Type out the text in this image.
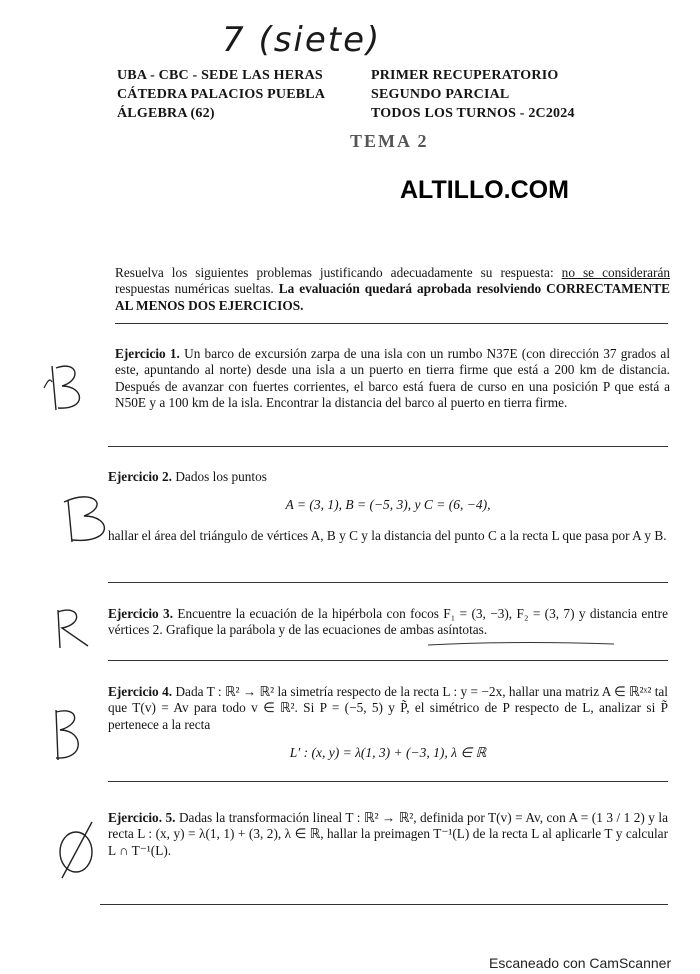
7 (siete)
UBA - CBC - SEDE LAS HERAS
CÁTEDRA PALACIOS PUEBLA
ÁLGEBRA (62)
PRIMER RECUPERATORIO
SEGUNDO PARCIAL
TODOS LOS TURNOS - 2C2024
TEMA 2
ALTILLO.COM
Resuelva los siguientes problemas justificando adecuadamente su respuesta: no se considerarán respuestas numéricas sueltas. La evaluación quedará aprobada resolviendo CORRECTAMENTE AL MENOS DOS EJERCICIOS.
Ejercicio 1. Un barco de excursión zarpa de una isla con un rumbo N37E (con dirección 37 grados al este, apuntando al norte) desde una isla a un puerto en tierra firme que está a 200 km de distancia. Después de avanzar con fuertes corrientes, el barco está fuera de curso en una posición P que está a N50E y a 100 km de la isla. Encontrar la distancia del barco al puerto en tierra firme.
Ejercicio 2. Dados los puntos
A = (3, 1), B = (−5, 3), y C = (6, −4),
hallar el área del triángulo de vértices A, B y C y la distancia del punto C a la recta L que pasa por A y B.
Ejercicio 3. Encuentre la ecuación de la hipérbola con focos F₁ = (3, −3), F₂ = (3, 7) y distancia entre vértices 2. Grafique la parábola y de las ecuaciones de ambas asíntotas.
Ejercicio 4. Dada T : ℝ² → ℝ² la simetría respecto de la recta L : y = −2x, hallar una matriz A ∈ ℝ²ˣ² tal que T(v) = Av para todo v ∈ ℝ². Si P = (−5, 5) y P̃, el simétrico de P respecto de L, analizar si P̃ pertenece a la recta
L′ : (x, y) = λ(1, 3) + (−3, 1), λ ∈ ℝ
Ejercicio. 5. Dadas la transformación lineal T : ℝ² → ℝ², definida por T(v) = Av, con A = (1 3 / 1 2) y la recta L : (x, y) = λ(1, 1) + (3, 2), λ ∈ ℝ, hallar la preimagen T⁻¹(L) de la recta L al aplicarle T y calcular L ∩ T⁻¹(L).
Escaneado con CamScanner
